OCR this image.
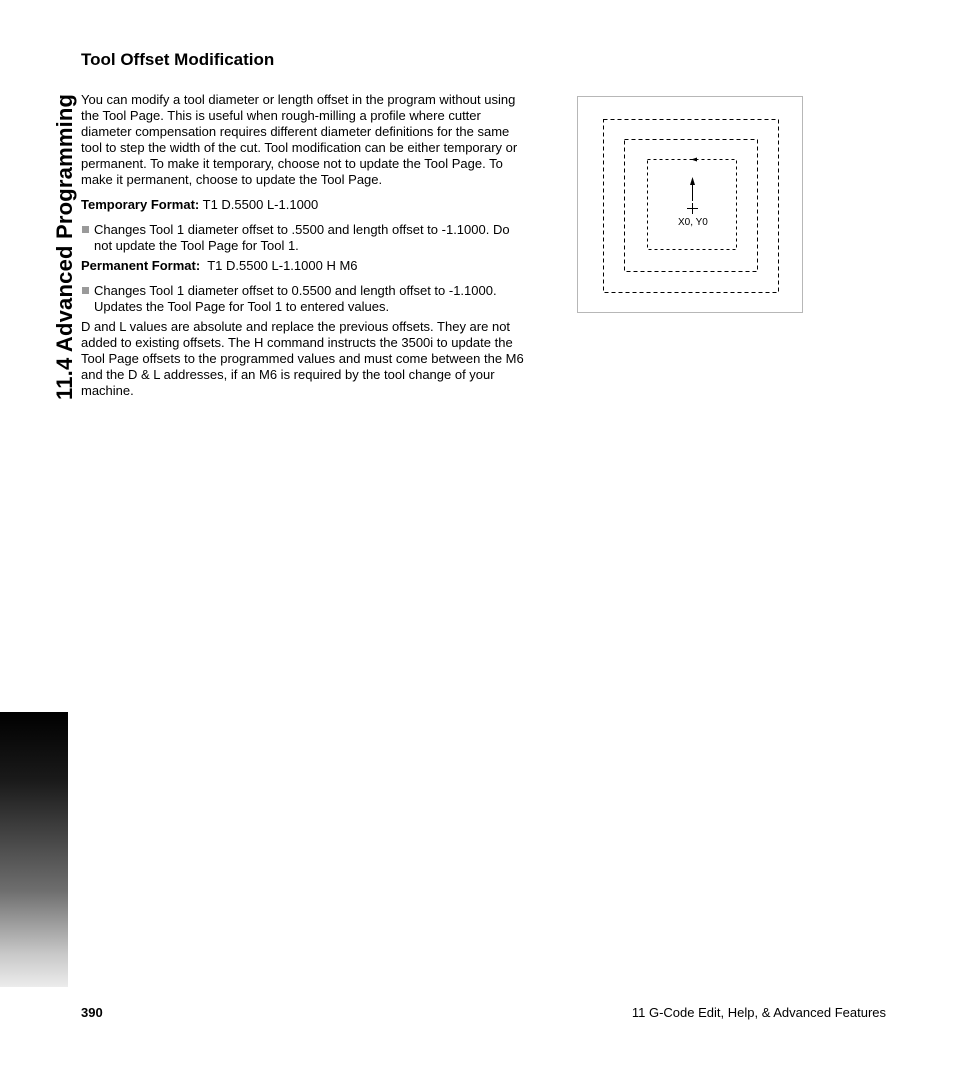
11.4 Advanced Programming
Tool Offset Modification

You can modify a tool diameter or length offset in the program without using the Tool Page. This is useful when rough-milling a profile where cutter diameter compensation requires different diameter definitions for the same tool to step the width of the cut. Tool modification can be either temporary or permanent. To make it temporary, choose not to update the Tool Page. To make it permanent, choose to update the Tool Page.

Temporary Format: T1 D.5500 L-1.1000

Changes Tool 1 diameter offset to .5500 and length offset to -1.1000. Do not update the Tool Page for Tool 1.

Permanent Format: T1 D.5500 L-1.1000 H M6

Changes Tool 1 diameter offset to 0.5500 and length offset to -1.1000. Updates the Tool Page for Tool 1 to entered values.

D and L values are absolute and replace the previous offsets. They are not added to existing offsets. The H command instructs the 3500i to update the Tool Page offsets to the programmed values and must come between the M6 and the D & L addresses, if an M6 is required by the tool change of your machine.

X0, Y0
390	11 G-Code Edit, Help, & Advanced Features
